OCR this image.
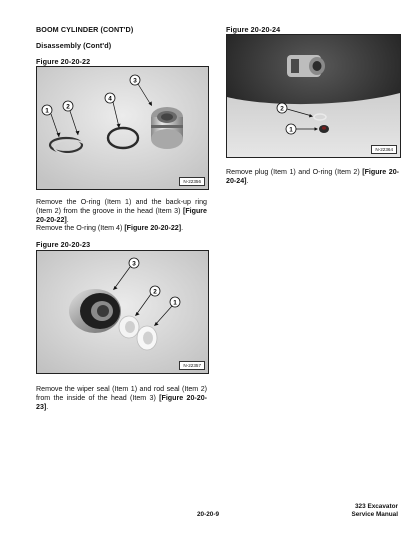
BOOM CYLINDER (CONT'D)
Disassembly (Cont'd)
Figure 20-20-22
1
2
4
3
N-22356
Remove the O-ring (Item 1) and the back-up ring (Item 2) from the groove in the head (Item 3) [Figure 20-20-22].
Remove the O-ring (Item 4) [Figure 20-20-22].
Figure 20-20-23
3
2
1
N-22357
Remove the wiper seal (Item 1) and rod seal (Item 2) from the inside of the head (Item 3) [Figure 20-20-23].
Figure 20-20-24
2
1
N-22364
Remove plug (Item 1) and O-ring (Item 2) [Figure 20-20-24].
20-20-9
323 Excavator
Service Manual
